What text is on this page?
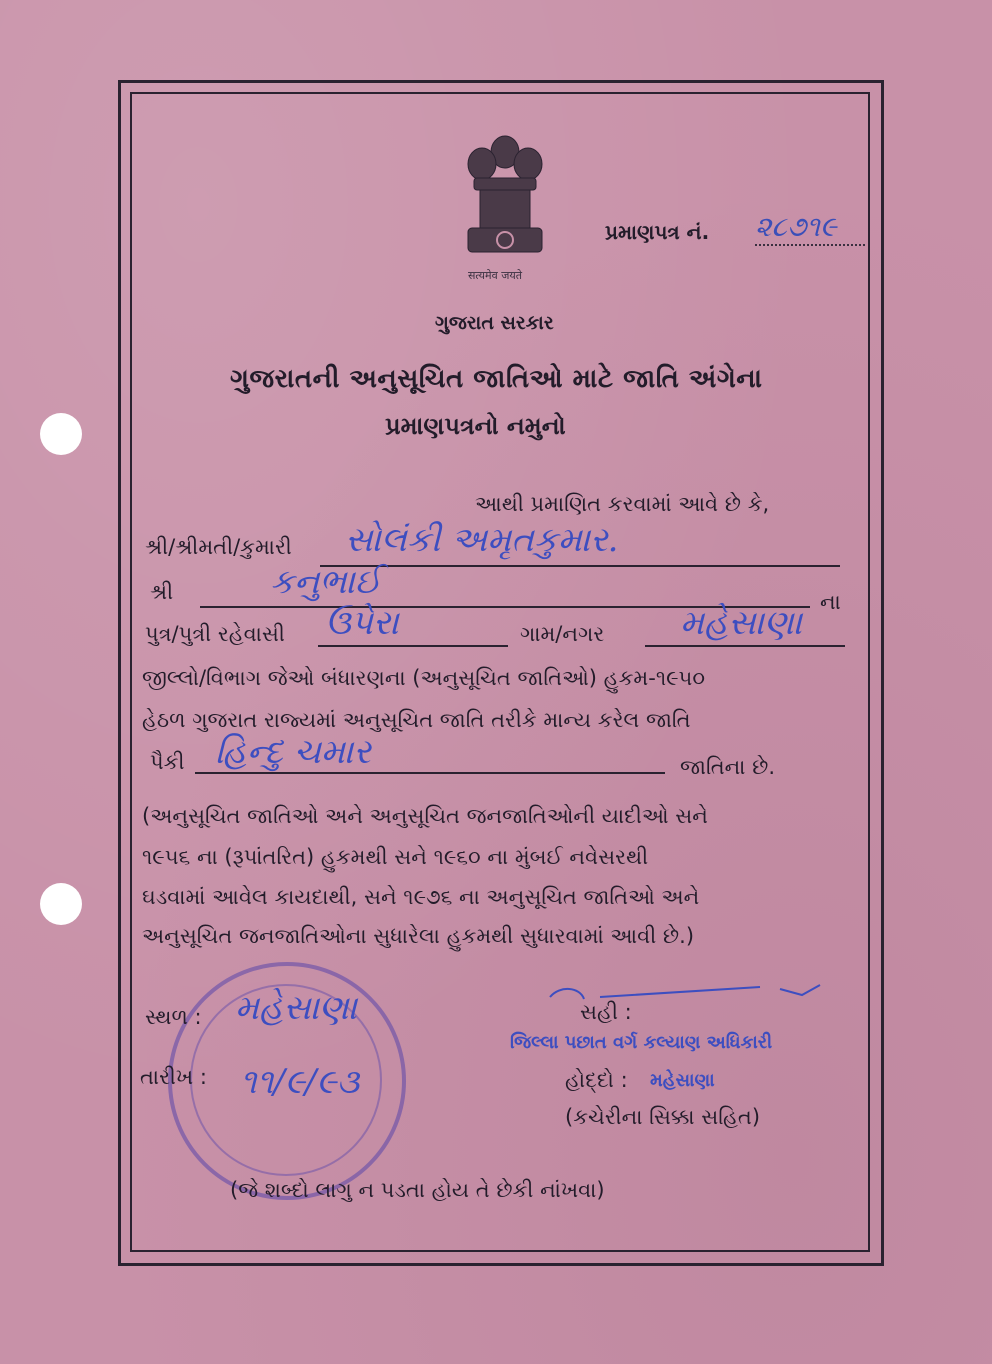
सत्यमेव जयते
પ્રમાણપત્ર નં. ૨૮૭૧૯
ગુજરાત સરકાર
ગુજરાતની અનુસૂચિત જાતિઓ માટે જાતિ અંગેના
પ્રમાણપત્રનો નમુનો
આથી પ્રમાણિત કરવામાં આવે છે કે,
શ્રી/શ્રીમતી/કુમારી સોલંકી અમૃતકુમાર.
શ્રી	કનુભાઈ	ના
પુત્ર/પુત્રી રહેવાસી ઉપેરા	ગામ/નગર મહેસાણા
જીલ્લો/વિભાગ જેઓ બંધારણના (અનુસૂચિત જાતિઓ) હુકમ-૧૯૫૦
હેઠળ ગુજરાત રાજ્યમાં અનુસૂચિત જાતિ તરીકે માન્ય કરેલ જાતિ
પૈકી હિન્દુ ચમાર	જાતિના છે.
(અનુસૂચિત જાતિઓ અને અનુસૂચિત જનજાતિઓની યાદીઓ સને
૧૯૫૬ ના (રૂપાંતરિત) હુકમથી સને ૧૯૬૦ ના મુંબઈ નવેસરથી
ઘડવામાં આવેલ કાયદાથી, સને ૧૯૭૬ ના અનુસૂચિત જાતિઓ અને
અનુસૂચિત જનજાતિઓના સુધારેલા હુકમથી સુધારવામાં આવી છે.)
સ્થળ : મહેસાણા
તારીખ : ૧૧/૯/૯૩
સહી :
જિલ્લા પછાત વર્ગ કલ્યાણ અધિકારી
હોદ્દો : મહેસાણા
(કચેરીના સિક્કા સહિત)
(જે શબ્દો લાગુ ન પડતા હોય તે છેકી નાંખવા)
